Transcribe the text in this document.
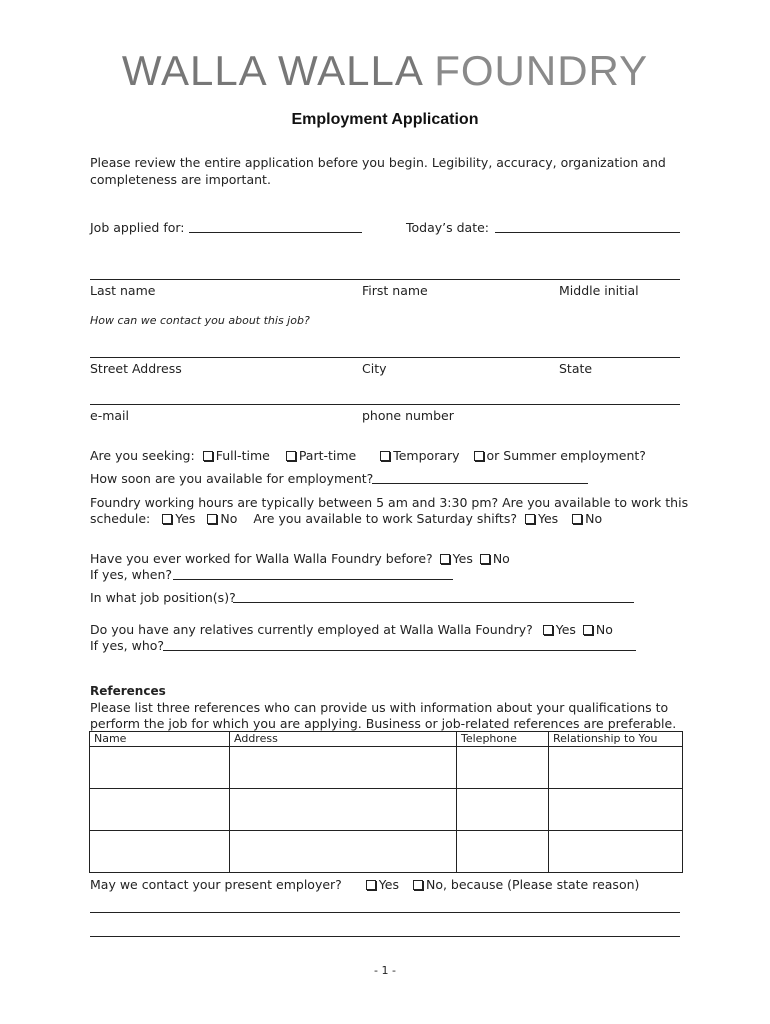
WALLA WALLA FOUNDRY
Employment Application
Please review the entire application before you begin. Legibility, accuracy, organization and
completeness are important.
Job applied for:	Today’s date:
Last name	First name	Middle initial
How can we contact you about this job?
Street Address	City	State
e-mail	phone number
Are you seeking: Full-time Part-time	Temporary or Summer employment?
How soon are you available for employment?
Foundry working hours are typically between 5 am and 3:30 pm? Are you available to work this
schedule: Yes No Are you available to work Saturday shifts? Yes No
Have you ever worked for Walla Walla Foundry before? Yes No
If yes, when?
In what job position(s)?
Do you have any relatives currently employed at Walla Walla Foundry? Yes No
If yes, who?
References
Please list three references who can provide us with information about your qualifications to
perform the job for which you are applying. Business or job-related references are preferable.
Name	Address	Telephone	Relationship to You

May we contact your present employer?	Yes No, because (Please state reason)
- 1 -
